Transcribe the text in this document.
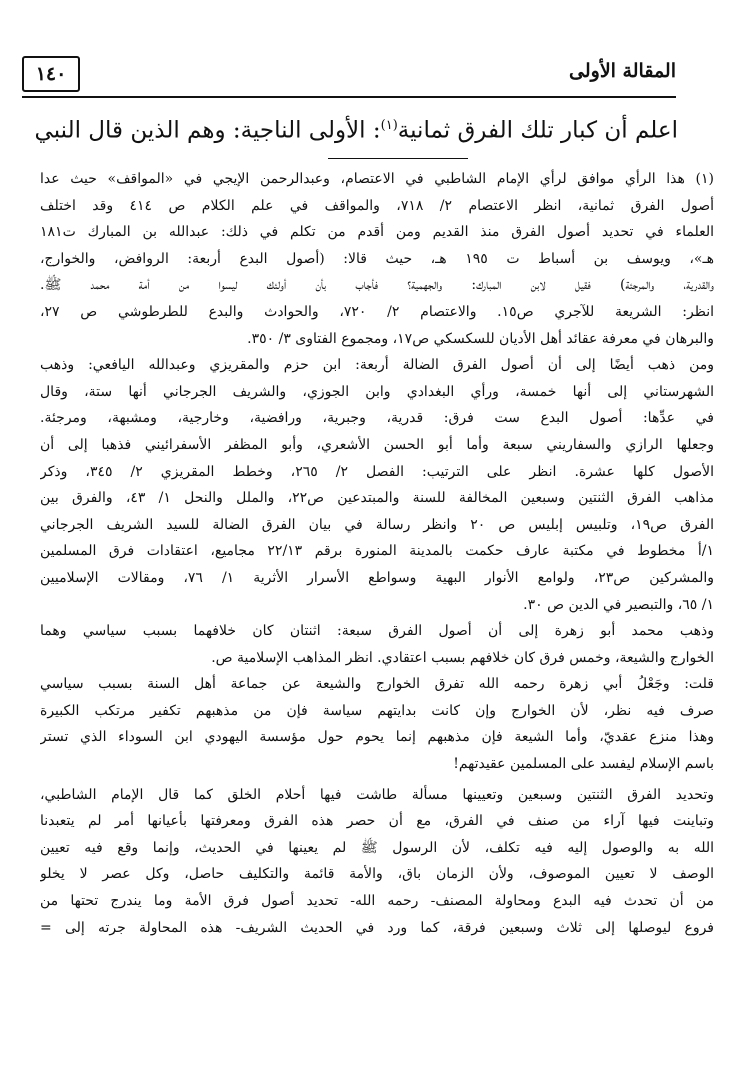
المقالة الأولى
١٤٠
اعلم أن كبار تلك الفرق ثمانية$^{(١)}$: الأولى الناجية: وهم الذين قال النبي
(١) هذا الرأي موافق لرأي الإمام الشاطبي في الاعتصام، وعبدالرحمن الإيجي في «المواقف» حيث عدا
أصول الفرق ثمانية، انظر الاعتصام ٢/ ٧١٨، والمواقف في علم الكلام ص ٤١٤ وقد اختلف
العلماء في تحديد أصول الفرق منذ القديم ومن أقدم من تكلم في ذلك: عبدالله بن المبارك ت١٨١
هـ»، ويوسف بن أسباط ت ١٩٥ هـ، حيث قالا: (أصول البدع أربعة: الروافض، والخوارج،
والقدرية، والمرجئة) فقيل لابن المبارك: والجهمية؟ فأجاب بأن أولئك ليسوا من أمة محمد ﷺ.
انظر: الشريعة للآجري ص١٥. والاعتصام ٢/ ٧٢٠، والحوادث والبدع للطرطوشي ص ٢٧،
والبرهان في معرفة عقائد أهل الأديان للسكسكي ص١٧، ومجموع الفتاوى ٣/ ٣٥٠.
ومن ذهب أيضًا إلى أن أصول الفرق الضالة أربعة: ابن حزم والمقريزي وعبدالله اليافعي: وذهب
الشهرستاني إلى أنها خمسة، ورأي البغدادي وابن الجوزي، والشريف الجرجاني أنها ستة، وقال
في عدِّها: أصول البدع ست فرق: قدرية، وجبرية، ورافضية، وخارجية، ومشبهة، ومرجئة.
وجعلها الرازي والسفاريني سبعة وأما أبو الحسن الأشعري، وأبو المظفر الأسفرائيني فذهبا إلى أن
الأصول كلها عشرة. انظر على الترتيب: الفصل ٢/ ٢٦٥، وخطط المقريزي ٢/ ٣٤٥، وذكر
مذاهب الفرق الثنتين وسبعين المخالفة للسنة والمبتدعين ص٢٢، والملل والنحل ١/ ٤٣، والفرق بين
الفرق ص١٩، وتلبيس إبليس ص ٢٠ وانظر رسالة في بيان الفرق الضالة للسيد الشريف الجرجاني
١/أ مخطوط في مكتبة عارف حكمت بالمدينة المنورة برقم ٢٢/١٣ مجاميع، اعتقادات فرق المسلمين
والمشركين ص٢٣، ولوامع الأنوار البهية وسواطع الأسرار الأثرية ١/ ٧٦، ومقالات الإسلاميين
١/ ٦٥، والتبصير في الدين ص ٣٠.
وذهب محمد أبو زهرة إلى أن أصول الفرق سبعة: اثنتان كان خلافهما بسبب سياسي وهما
الخوارج والشيعة، وخمس فرق كان خلافهم بسبب اعتقادي. انظر المذاهب الإسلامية ص.
قلت: وجَعْلُ أبي زهرة رحمه الله تفرق الخوارج والشيعة عن جماعة أهل السنة بسبب سياسي
صرف فيه نظر، لأن الخوارج وإن كانت بدايتهم سياسة فإن من مذهبهم تكفير مرتكب الكبيرة
وهذا منزع عقديّ، وأما الشيعة فإن مذهبهم إنما يحوم حول مؤسسة اليهودي ابن السوداء الذي تستر
باسم الإسلام ليفسد على المسلمين عقيدتهم!
وتحديد الفرق الثنتين وسبعين وتعيينها مسألة طاشت فيها أحلام الخلق كما قال الإمام الشاطبي،
وتباينت فيها آراء من صنف في الفرق، مع أن حصر هذه الفرق ومعرفتها بأعيانها أمر لم يتعبدنا
الله به والوصول إليه فيه تكلف، لأن الرسول ﷺ لم يعينها في الحديث، وإنما وقع فيه تعيين
الوصف لا تعيين الموصوف، ولأن الزمان باق، والأمة قائمة والتكليف حاصل، وكل عصر لا يخلو
من أن تحدث فيه البدع ومحاولة المصنف- رحمه الله- تحديد أصول فرق الأمة وما يندرج تحتها من
فروع ليوصلها إلى ثلاث وسبعين فرقة، كما ورد في الحديث الشريف- هذه المحاولة جرته إلى =
